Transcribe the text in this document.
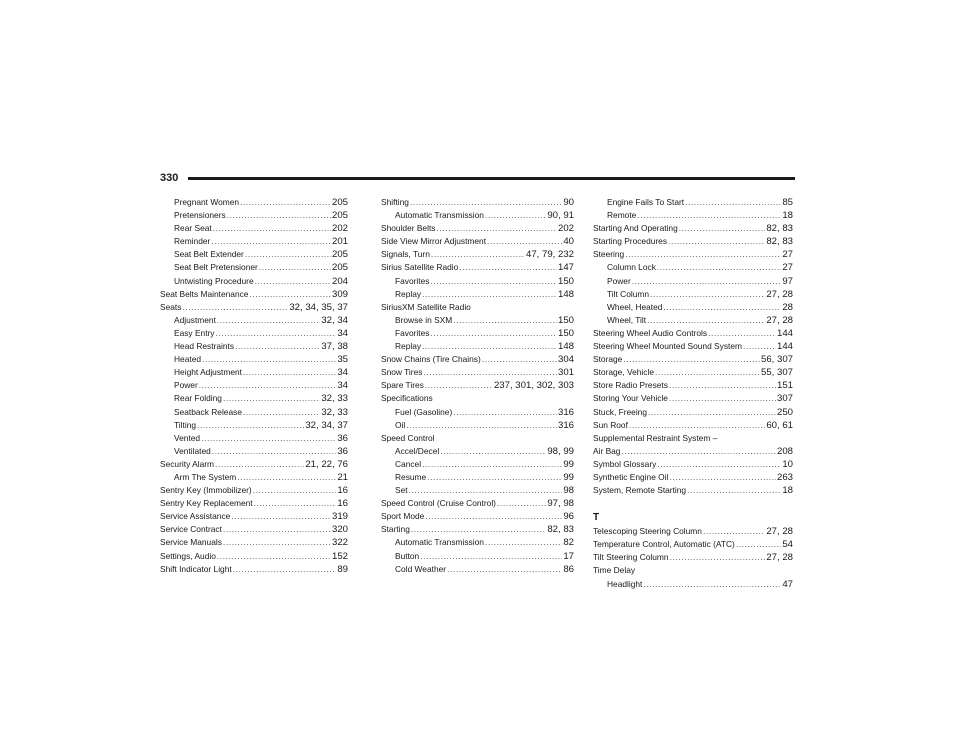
330
Pregnant Women .....	205
Pretensioners .....	205
Rear Seat .....	202
Reminder .....	201
Seat Belt Extender .....	205
Seat Belt Pretensioner .....	205
Untwisting Procedure .....	204
Seat Belts Maintenance .....	309
Seats .....	32, 34, 35, 37
Adjustment .....	32, 34
Easy Entry .....	34
Head Restraints .....	37, 38
Heated .....	35
Height Adjustment .....	34
Power .....	34
Rear Folding .....	32, 33
Seatback Release .....	32, 33
Tilting .....	32, 34, 37
Vented .....	36
Ventilated .....	36
Security Alarm .....	21, 22, 76
Arm The System .....	21
Sentry Key (Immobilizer) .....	16
Sentry Key Replacement .....	16
Service Assistance .....	319
Service Contract .....	320
Service Manuals .....	322
Settings, Audio .....	152
Shift Indicator Light .....	89
Shifting .....	90
Automatic Transmission .....	90, 91
Shoulder Belts .....	202
Side View Mirror Adjustment .....	40
Signals, Turn .....	47, 79, 232
Sirius Satellite Radio .....	147
Favorites .....	150
Replay .....	148
SiriusXM Satellite Radio
Browse in SXM .....	150
Favorites .....	150
Replay .....	148
Snow Chains (Tire Chains) .....	304
Snow Tires .....	301
Spare Tires .....	237, 301, 302, 303
Specifications
Fuel (Gasoline) .....	316
Oil .....	316
Speed Control
Accel/Decel .....	98, 99
Cancel .....	99
Resume .....	99
Set .....	98
Speed Control (Cruise Control) .....	97, 98
Sport Mode .....	96
Starting .....	82, 83
Automatic Transmission .....	82
Button .....	17
Cold Weather .....	86
Engine Fails To Start .....	85
Remote .....	18
Starting And Operating .....	82, 83
Starting Procedures .....	82, 83
Steering .....	27
Column Lock .....	27
Power .....	97
Tilt Column .....	27, 28
Wheel, Heated .....	28
Wheel, Tilt .....	27, 28
Steering Wheel Audio Controls .....	144
Steering Wheel Mounted Sound System .....	144
Storage .....	56, 307
Storage, Vehicle .....	55, 307
Store Radio Presets .....	151
Storing Your Vehicle .....	307
Stuck, Freeing .....	250
Sun Roof .....	60, 61
Supplemental Restraint System –
Air Bag .....	208
Symbol Glossary .....	10
Synthetic Engine Oil .....	263
System, Remote Starting .....	18
T
Telescoping Steering Column .....	27, 28
Temperature Control, Automatic (ATC) .....	54
Tilt Steering Column .....	27, 28
Time Delay
Headlight .....	47
